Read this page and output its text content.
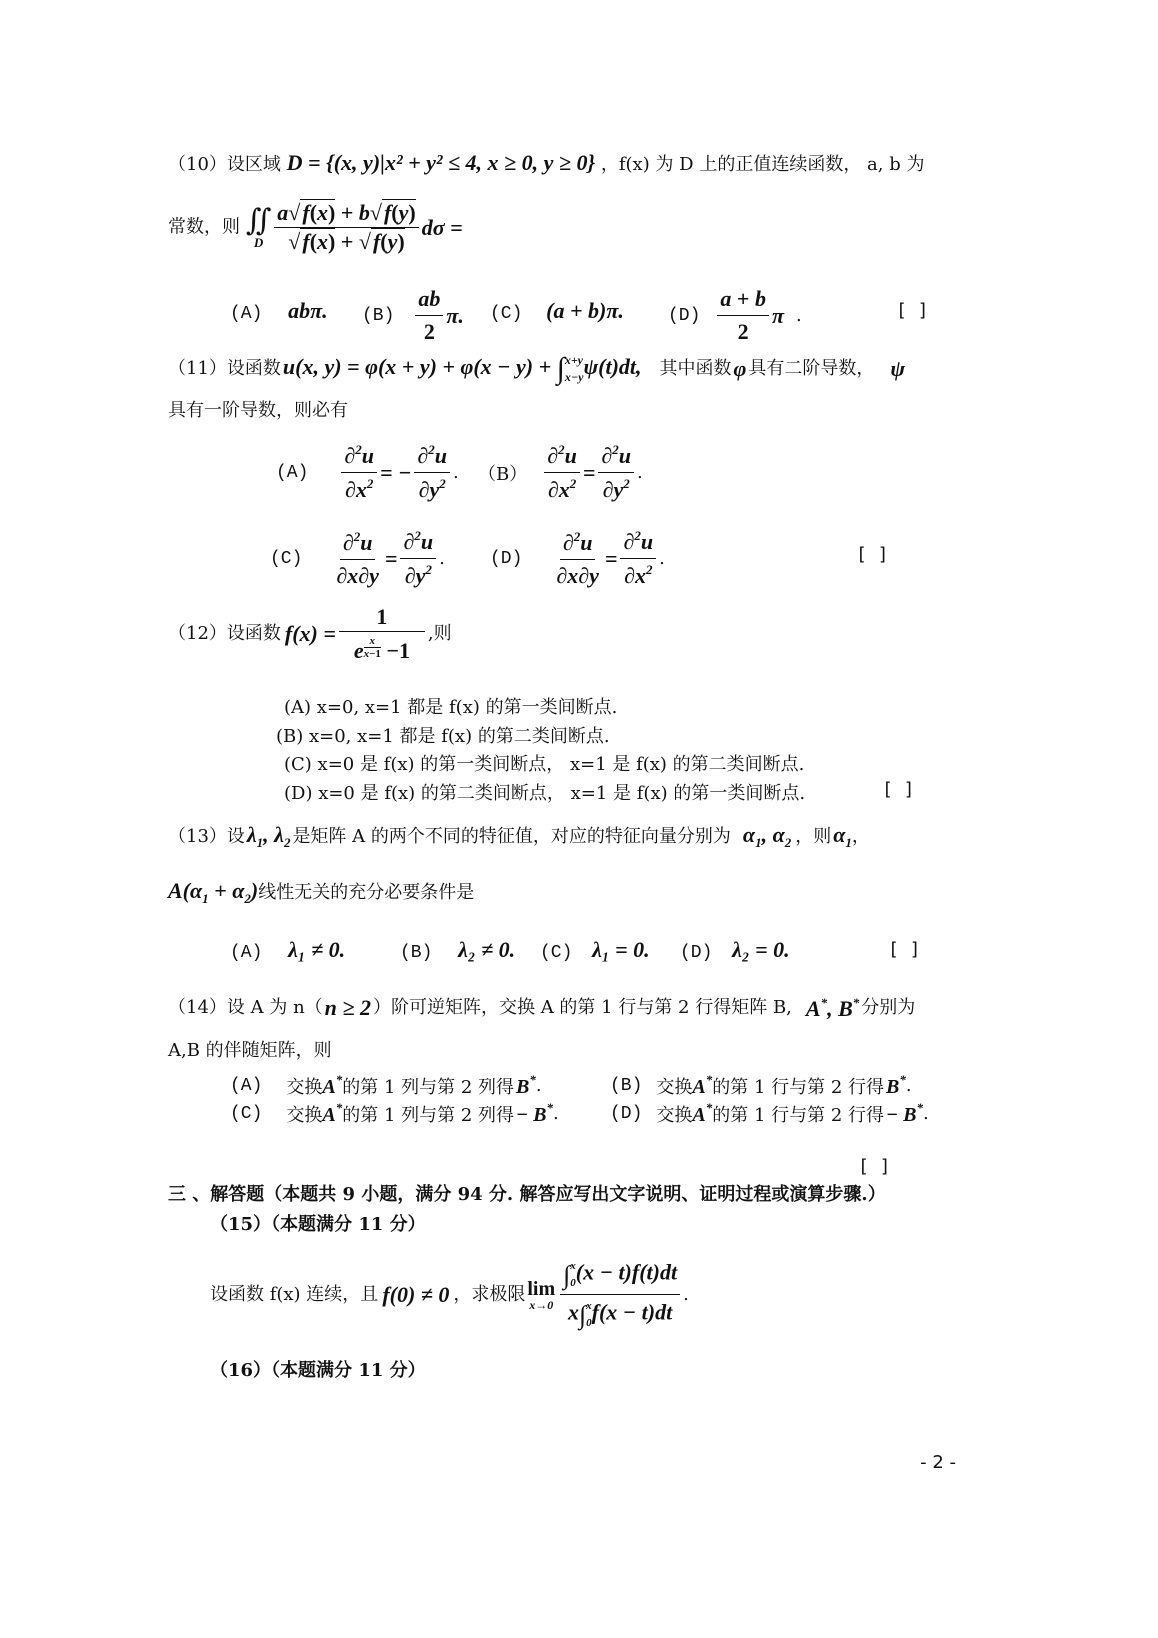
（10）设区域 D = {(x, y)|x² + y² ≤ 4, x ≥ 0, y ≥ 0} ，f(x) 为 D 上的正值连续函数， a, b 为
常数，则 ∬
D $\frac{a√f(x) + b√f(y)}{√f(x) + √f(y)}$ dσ =
(A) abπ. $(B) \frac{ab}{2} \pi$. (C) (a + b)π. $(D) \frac{a + b}{2}$ π .	[ ]
（11）设函数 u(x, y) = φ(x + y) + φ(x − y) + ∫ x+y
x−y ψ(t)dt, 其中函数 φ 具有二阶导数， ψ
具有一阶导数，则必有
$(A) \frac{\partial^2u}{\partial x^2}$ = − $\frac{\partial^2u}{\partial y^2}$ . $(B) \frac{\partial^2u}{\partial x^2} = \frac{\partial^2u}{\partial y^2}$ .
$(C) \frac{\partial^2u}{\partial x\partial y} = \frac{\partial^2u}{\partial y^2}$ .	$(D) \frac{\partial^2u}{\partial x\partial y} = \frac{\partial^2u}{\partial x^2}$ .	[ ]
（12）设函数 $f(x) = \frac{1}{e \frac{x}{x-1} -1}$ ,则
(A) x=0, x=1 都是 f(x) 的第一类间断点.
(B) x=0, x=1 都是 f(x) 的第二类间断点.
(C) x=0 是 f(x) 的第一类间断点， x=1 是 f(x) 的第二类间断点.
(D) x=0 是 f(x) 的第二类间断点， x=1 是 f(x) 的第一类间断点.	[ ]
（13）设 $\lambda_1$, $\lambda_2$ 是矩阵 A 的两个不同的特征值，对应的特征向量分别为 $\alpha_1$, $\alpha_2$ ，则 $\alpha_1$ ，
$A(\alpha_1 + \alpha_2)$ 线性无关的充分必要条件是
(A) λ₁ ≠ 0.	(B) λ₂ ≠ 0. (C) λ₁ = 0. (D) λ₂ = 0.	[ ]
（14）设 A 为 n（ n ≥ 2 ）阶可逆矩阵，交换 A 的第 1 行与第 2 行得矩阵 B, A*, B* 分别为
A,B 的伴随矩阵，则
(A) 交换 A* 的第 1 列与第 2 列得 B* .	(B) 交换 A* 的第 1 行与第 2 行得 B* .
(C) 交换 A* 的第 1 列与第 2 列得 − B* .	(D) 交换 A* 的第 1 行与第 2 行得 − B* .
[ ]
三 、解答题（本题共 9 小题，满分 94 分. 解答应写出文字说明、证明过程或演算步骤.）
（15）（本题满分 11 分）
设函数 f(x) 连续，且 f(0) ≠ 0 ，求极限 lim
x→0 ∫ x
0 (x − t)f(t)dt
x∫ x
0 f(x − t)dt .
（16）（本题满分 11 分）
- 2 -
